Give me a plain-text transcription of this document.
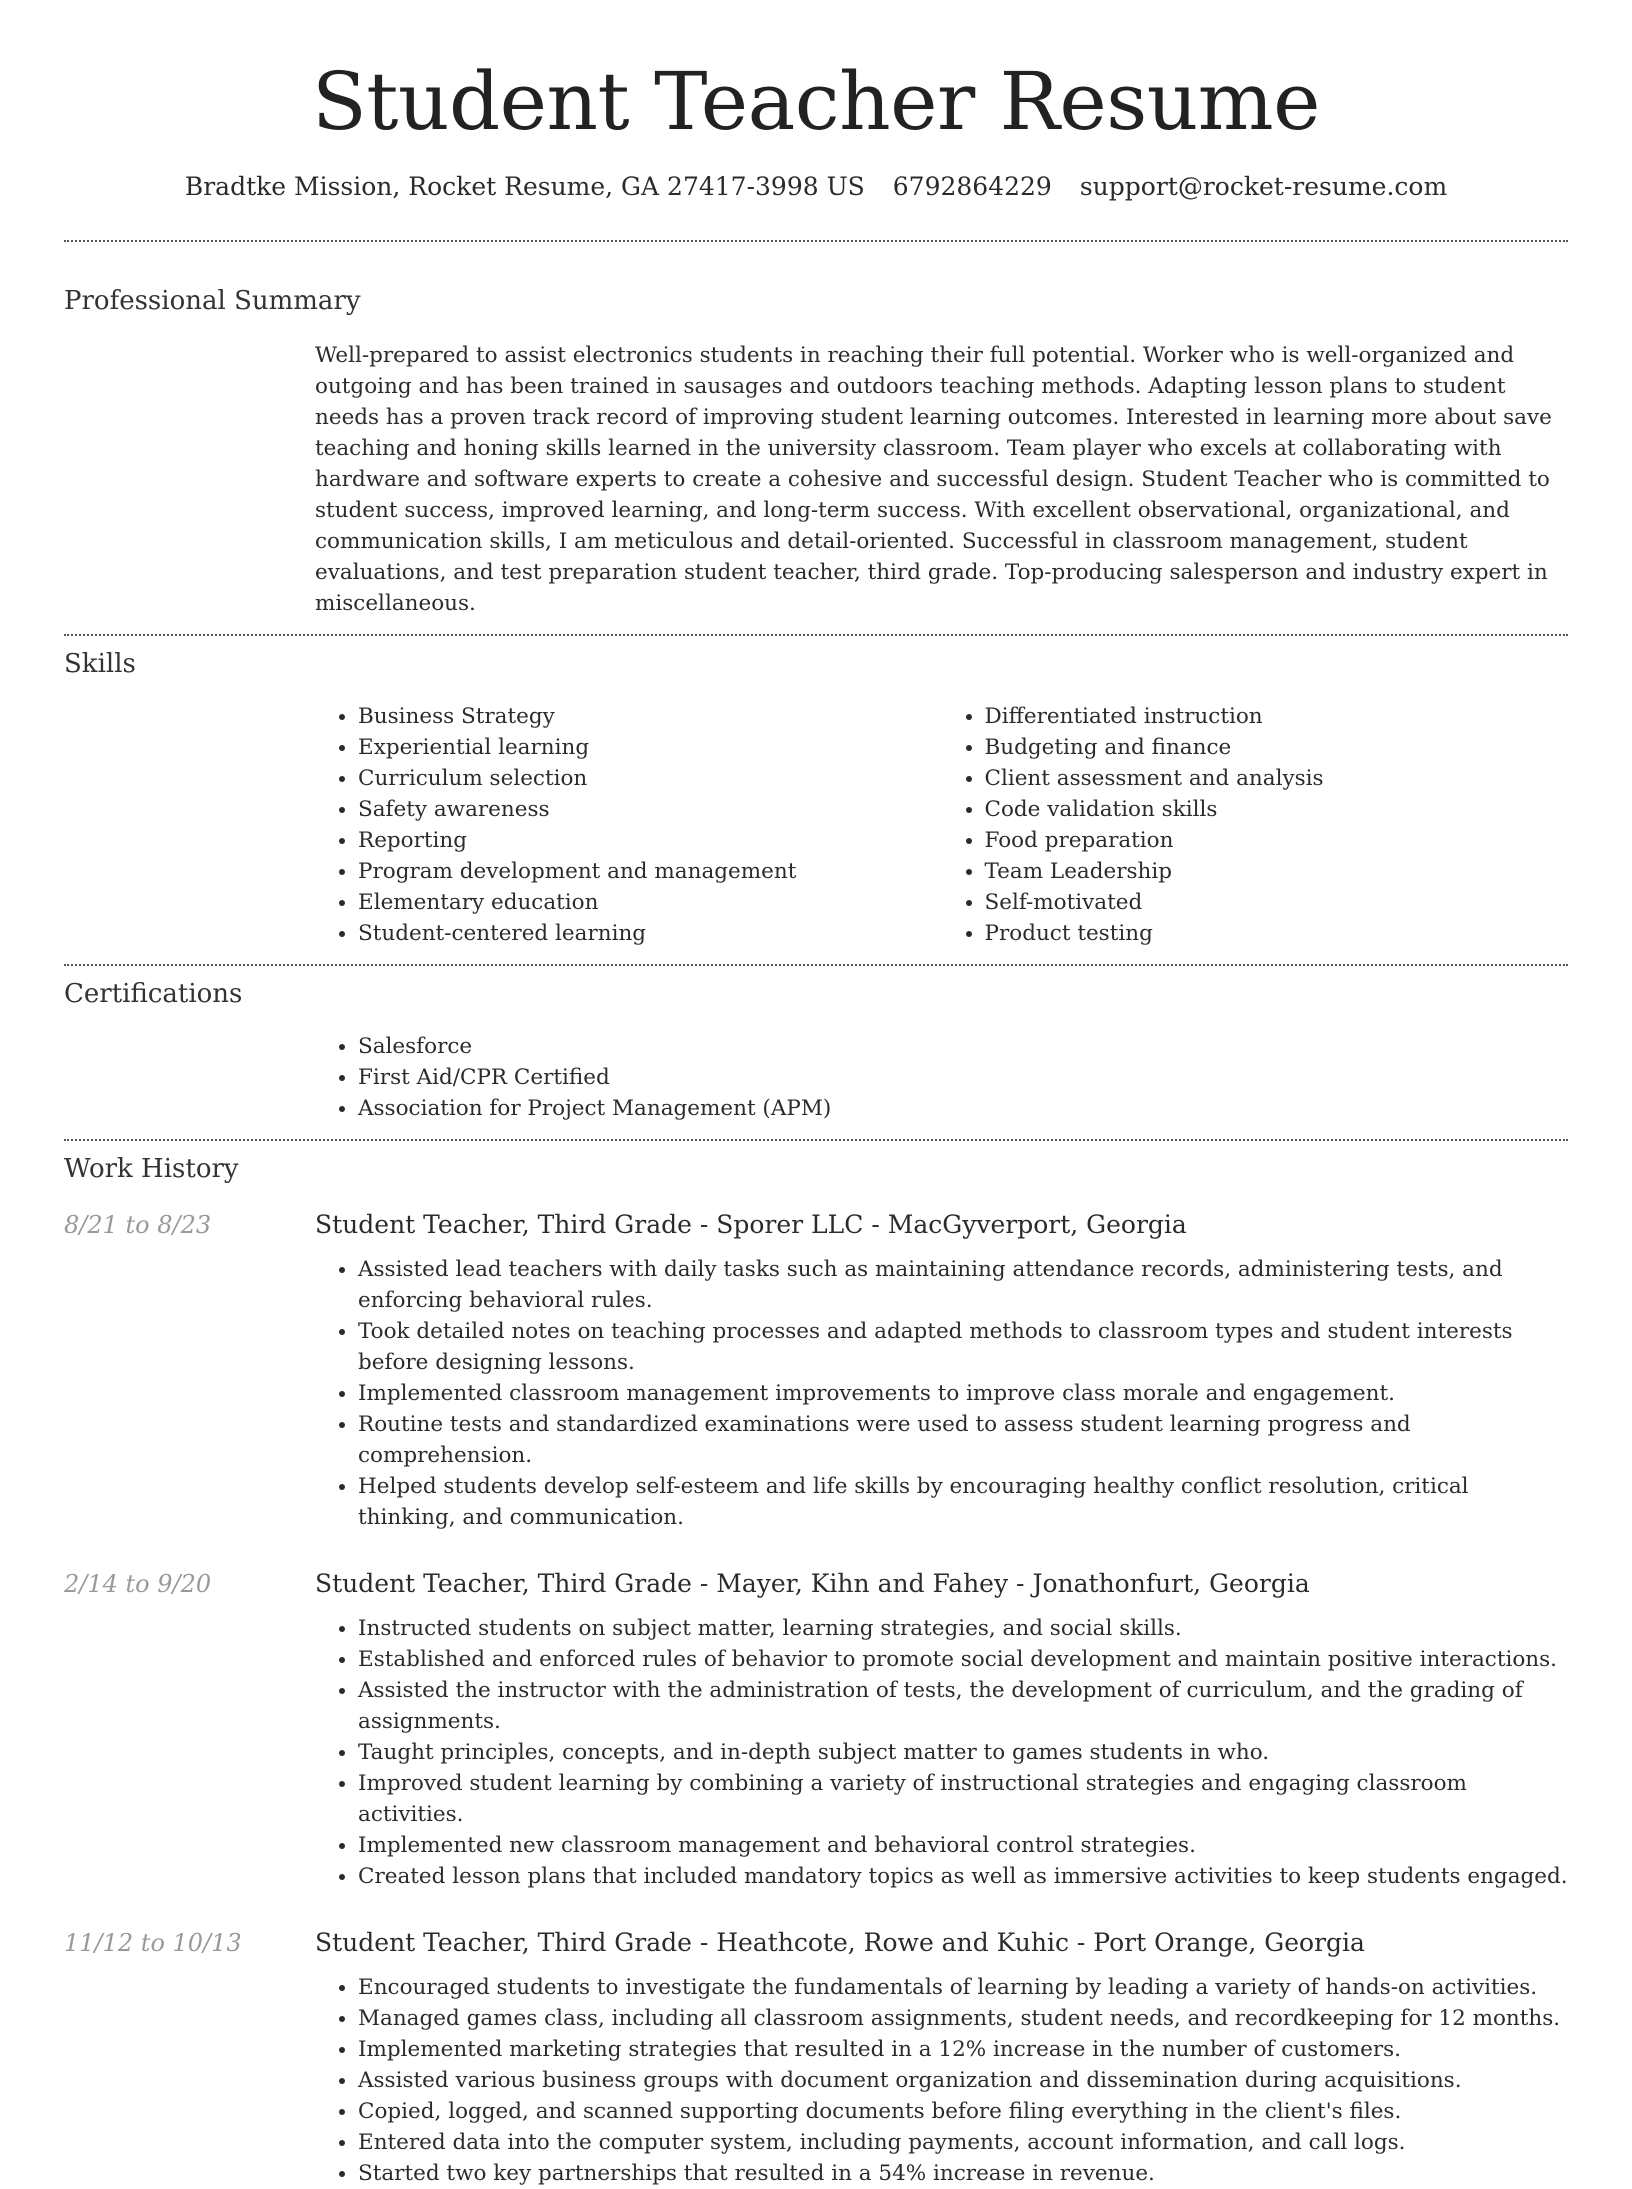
Student Teacher Resume
Bradtke Mission, Rocket Resume, GA 27417-3998 US 6792864229 support@rocket-resume.com
Professional Summary
Well-prepared to assist electronics students in reaching their full potential. Worker who is well-organized and outgoing and has been trained in sausages and outdoors teaching methods. Adapting lesson plans to student needs has a proven track record of improving student learning outcomes. Interested in learning more about save teaching and honing skills learned in the university classroom. Team player who excels at collaborating with hardware and software experts to create a cohesive and successful design. Student Teacher who is committed to student success, improved learning, and long-term success. With excellent observational, organizational, and communication skills, I am meticulous and detail-oriented. Successful in classroom management, student evaluations, and test preparation student teacher, third grade. Top-producing salesperson and industry expert in miscellaneous.
Skills
• Business Strategy
• Experiential learning
• Curriculum selection
• Safety awareness
• Reporting
• Program development and management
• Elementary education
• Student-centered learning
• Differentiated instruction
• Budgeting and finance
• Client assessment and analysis
• Code validation skills
• Food preparation
• Team Leadership
• Self-motivated
• Product testing
Certifications
• Salesforce
• First Aid/CPR Certified
• Association for Project Management (APM)
Work History
8/21 to 8/23	Student Teacher, Third Grade - Sporer LLC - MacGyverport, Georgia
• Assisted lead teachers with daily tasks such as maintaining attendance records, administering tests, and enforcing behavioral rules.
• Took detailed notes on teaching processes and adapted methods to classroom types and student interests before designing lessons.
• Implemented classroom management improvements to improve class morale and engagement.
• Routine tests and standardized examinations were used to assess student learning progress and comprehension.
• Helped students develop self-esteem and life skills by encouraging healthy conflict resolution, critical thinking, and communication.
2/14 to 9/20	Student Teacher, Third Grade - Mayer, Kihn and Fahey - Jonathonfurt, Georgia
• Instructed students on subject matter, learning strategies, and social skills.
• Established and enforced rules of behavior to promote social development and maintain positive interactions.
• Assisted the instructor with the administration of tests, the development of curriculum, and the grading of assignments.
• Taught principles, concepts, and in-depth subject matter to games students in who.
• Improved student learning by combining a variety of instructional strategies and engaging classroom activities.
• Implemented new classroom management and behavioral control strategies.
• Created lesson plans that included mandatory topics as well as immersive activities to keep students engaged.
11/12 to 10/13	Student Teacher, Third Grade - Heathcote, Rowe and Kuhic - Port Orange, Georgia
• Encouraged students to investigate the fundamentals of learning by leading a variety of hands-on activities.
• Managed games class, including all classroom assignments, student needs, and recordkeeping for 12 months.
• Implemented marketing strategies that resulted in a 12% increase in the number of customers.
• Assisted various business groups with document organization and dissemination during acquisitions.
• Copied, logged, and scanned supporting documents before filing everything in the client's files.
• Entered data into the computer system, including payments, account information, and call logs.
• Started two key partnerships that resulted in a 54% increase in revenue.
